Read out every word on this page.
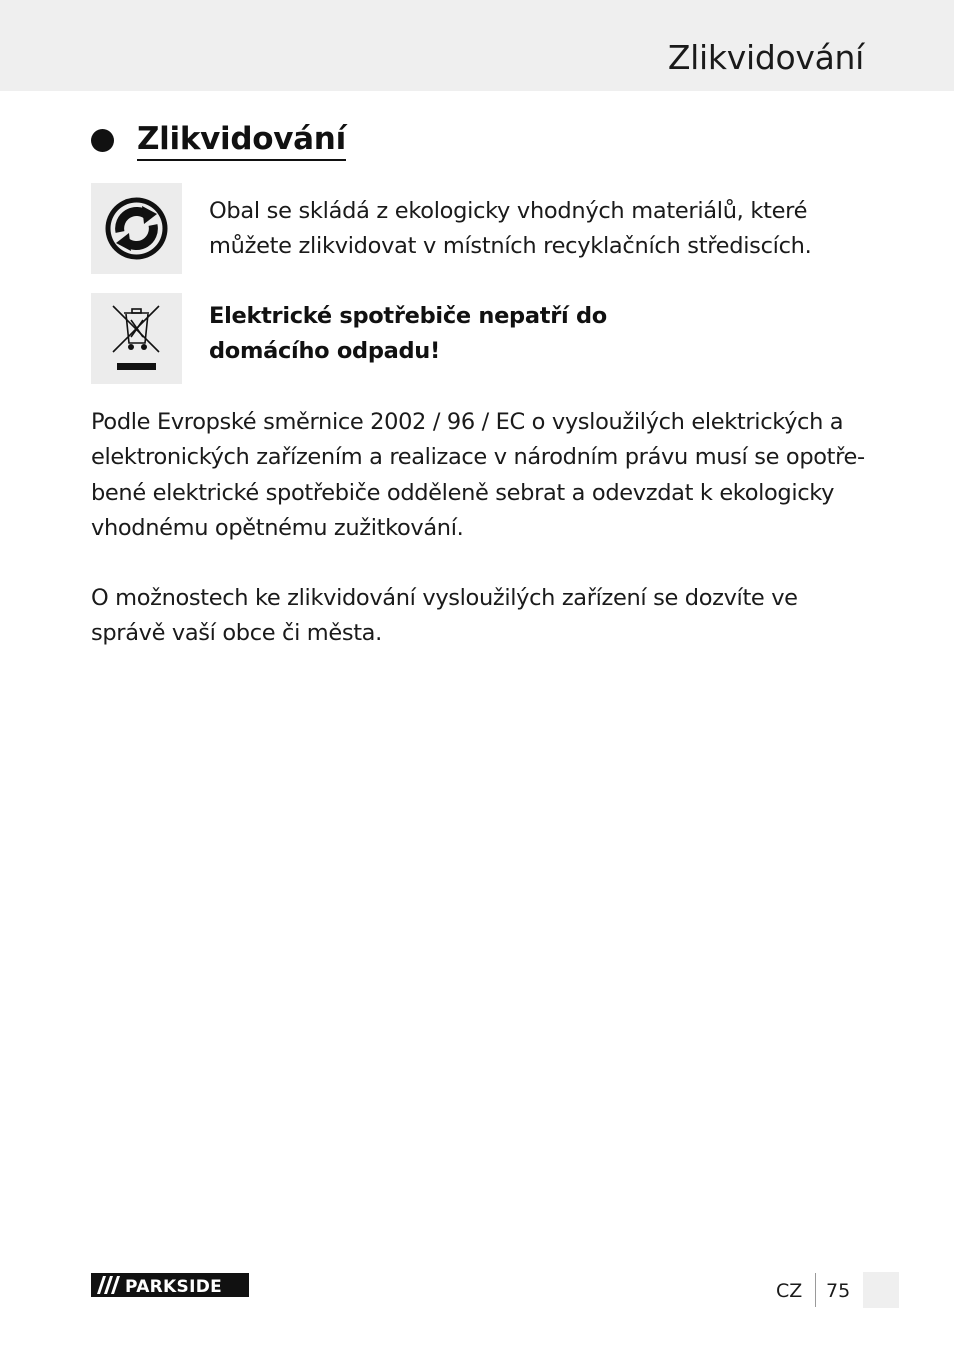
Zlikvidování
Zlikvidování
Obal se skládá z ekologicky vhodných materiálů, které
můžete zlikvidovat v místních recyklačních střediscích.
Elektrické spotřebiče nepatří do
domácího odpadu!
Podle Evropské směrnice 2002 / 96 / EC o vysloužilých elektrických a
elektronických zařízením a realizace v národním právu musí se opotře-
bené elektrické spotřebiče odděleně sebrat a odevzdat k ekologicky
vhodnému opětnému zužitkování.
O možnostech ke zlikvidování vysloužilých zařízení se dozvíte ve
správě vaší obce či města.
PARKSIDE	CZ 75
